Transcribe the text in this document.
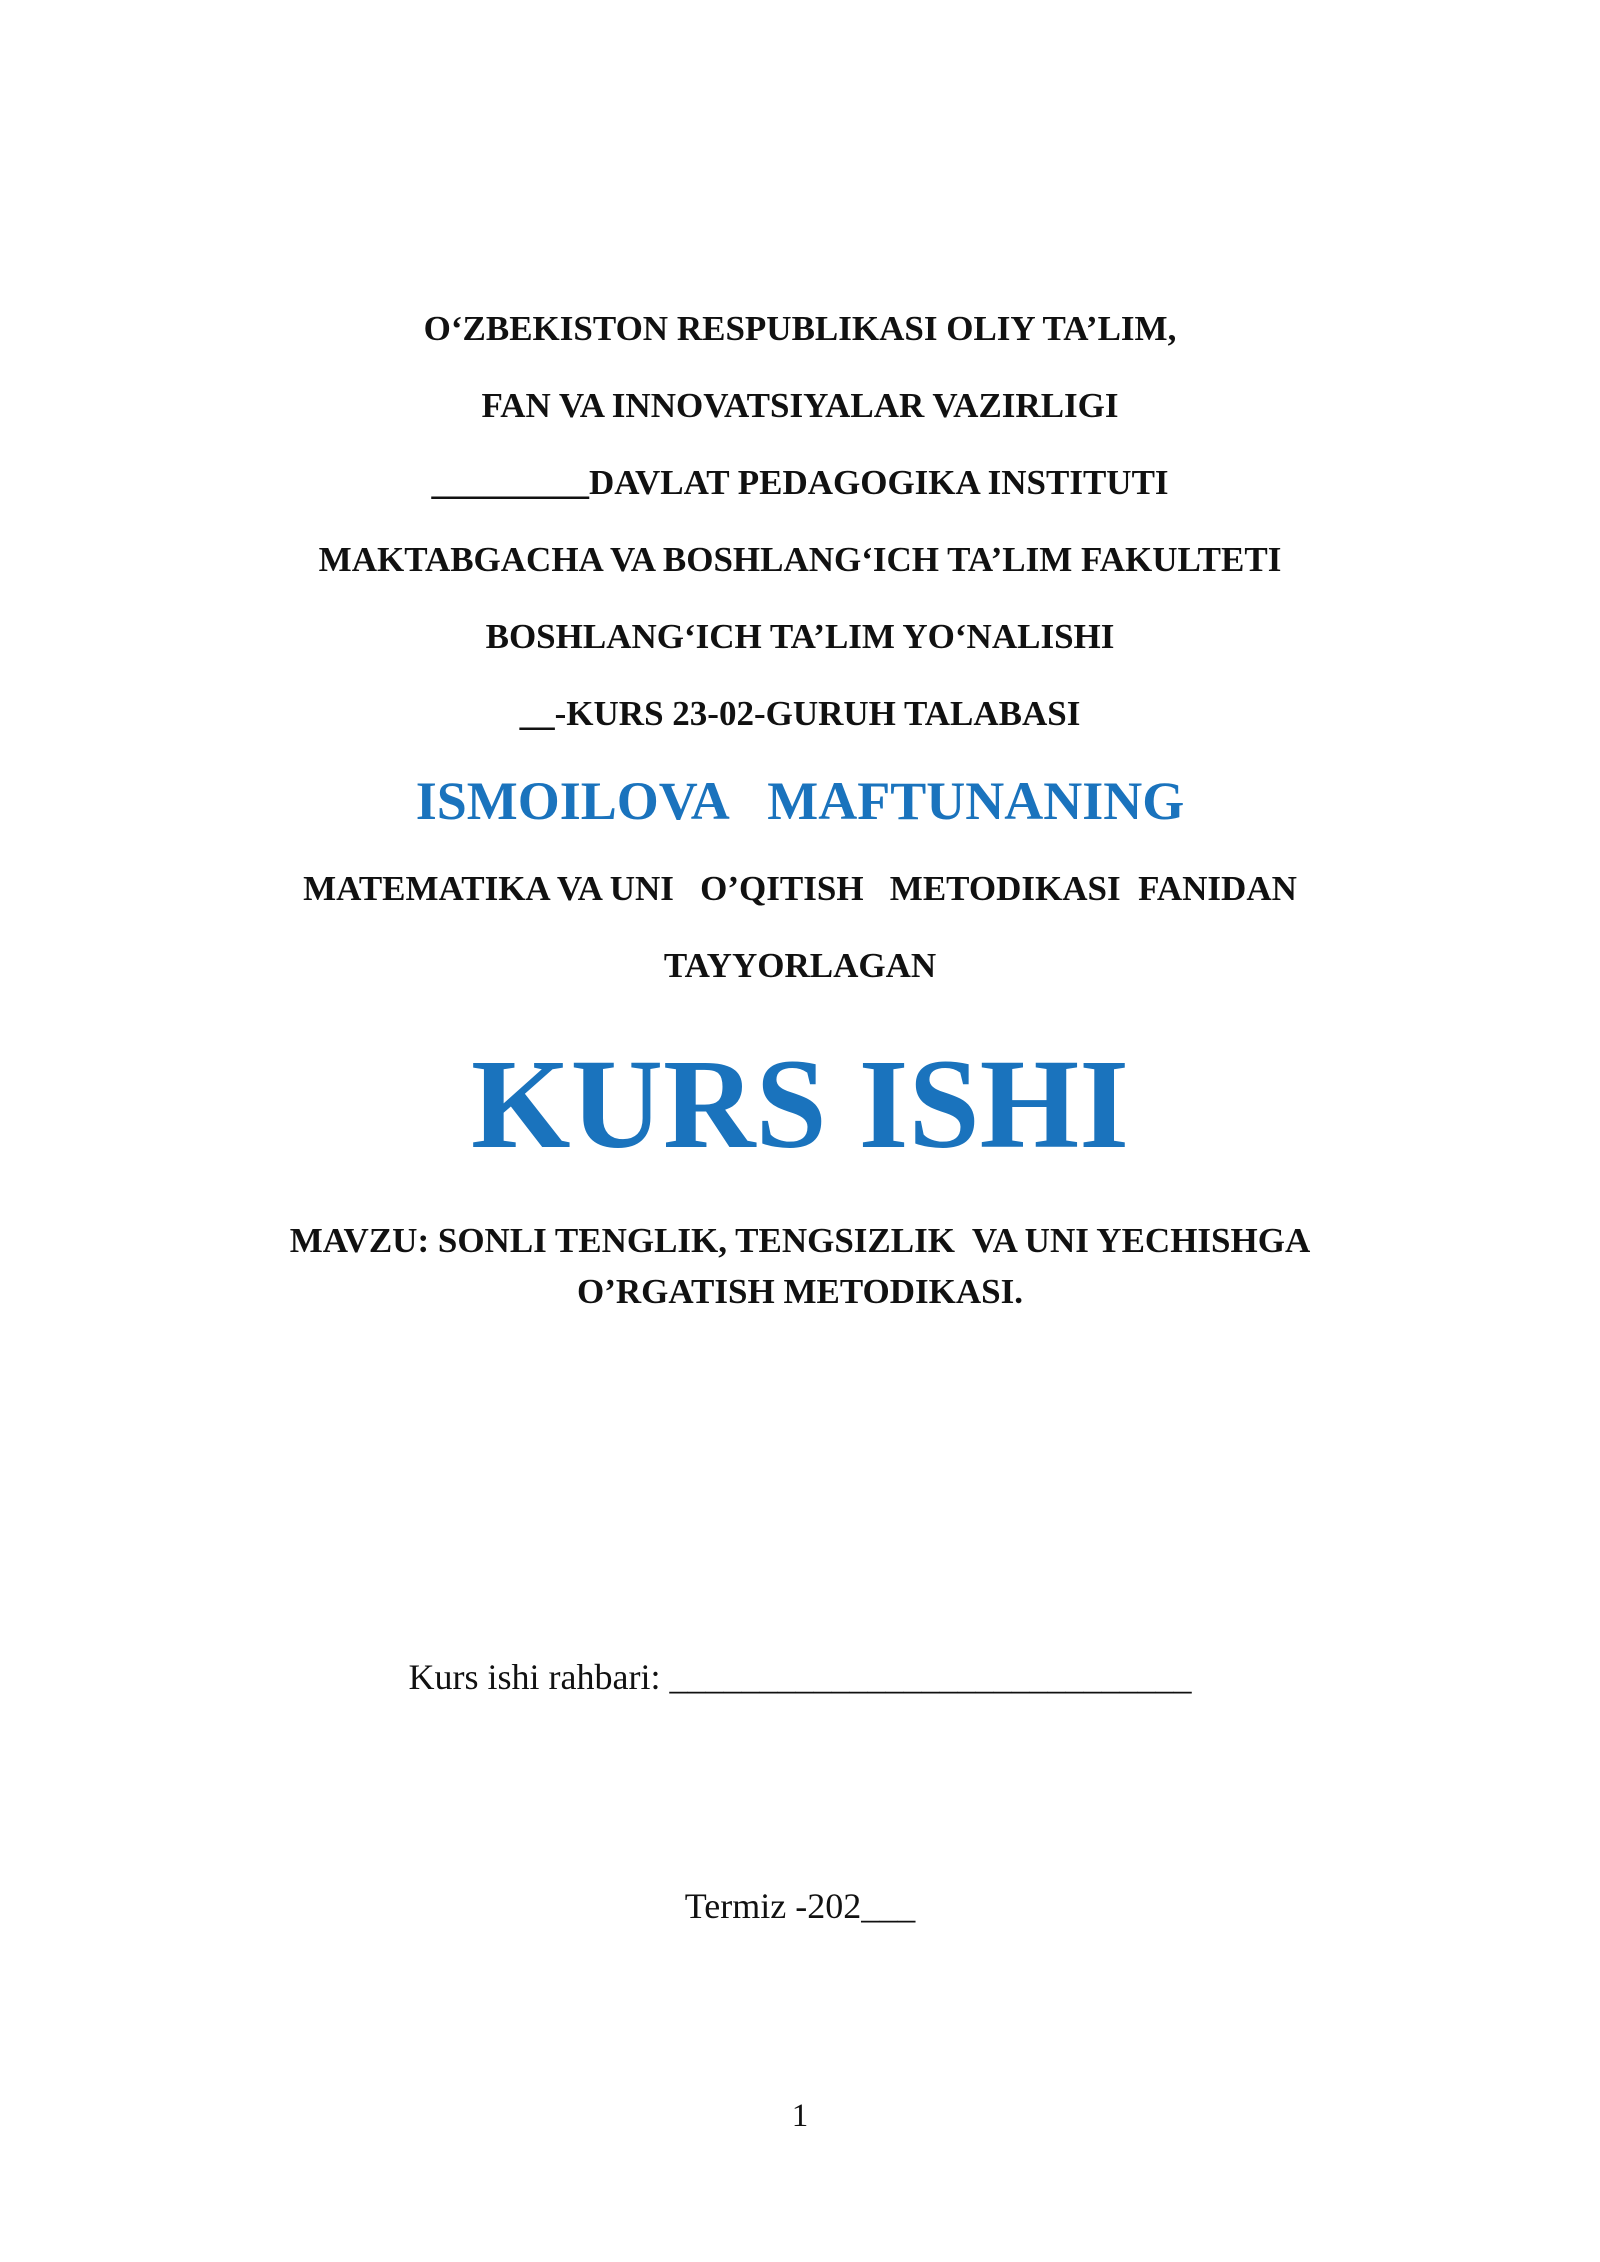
O‘ZBEKISTON RESPUBLIKASI OLIY TA’LIM,
FAN VA INNOVATSIYALAR VAZIRLIGI
_________DAVLAT PEDAGOGIKA INSTITUTI
MAKTABGACHA VA BOSHLANG‘ICH TA’LIM FAKULTETI
BOSHLANG‘ICH TA’LIM YO‘NALISHI
__-KURS 23-02-GURUH TALABASI
ISMOILOVA   MAFTUNANING
MATEMATIKA VA UNI   O’QITISH   METODIKASI  FANIDAN
TAYYORLAGAN
KURS ISHI
MAVZU: SONLI TENGLIK, TENGSIZLIK  VA UNI YECHISHGA
O’RGATISH METODIKASI.
Kurs ishi rahbari: _____________________________
Termiz -202___
1
